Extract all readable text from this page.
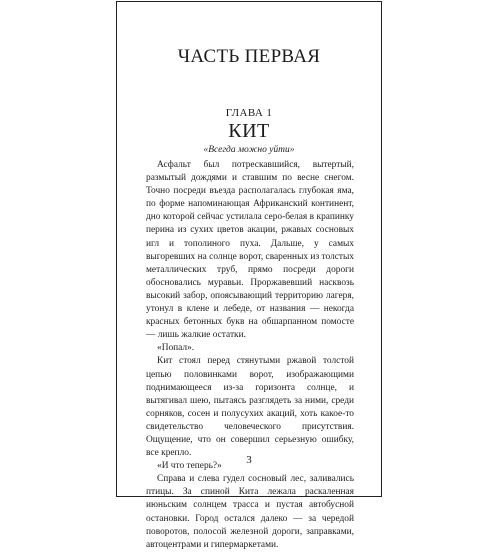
ЧАСТЬ ПЕРВАЯ
ГЛАВА 1
КИТ
«Всегда можно уйти»

Асфальт был потрескавшийся, вытертый, размытый дождями и ставшим по весне снегом. Точно посреди въезда располагалась глубокая яма, по форме напоминающая Африканский континент, дно которой сейчас устилала серо-белая в крапинку перина из сухих цветов акации, ржавых сосновых игл и тополиного пуха. Дальше, у самых выгоревших на солнце ворот, сваренных из толстых металлических труб, прямо посреди дороги обосновались муравьи. Проржавевший насквозь высокий забор, опоясывающий территорию лагеря, утонул в клене и лебеде, от названия — некогда красных бетонных букв на обшарпанном помосте — лишь жалкие остатки.

«Попал».

Кит стоял перед стянутыми ржавой толстой цепью половинками ворот, изображающими поднимающееся из-за горизонта солнце, и вытягивал шею, пытаясь разглядеть за ними, среди сорняков, сосен и полусухих акаций, хоть какое-то свидетельство человеческого присутствия. Ощущение, что он совершил серьезную ошибку, все крепло.

«И что теперь?»

Справа и слева гудел сосновый лес, заливались птицы. За спиной Кита лежала раскаленная июньским солнцем трасса и пустая автобусной остановки. Город остался далеко — за чередой поворотов, полосой железной дороги, заправками, автоцентрами и гипермаркетами.

3
